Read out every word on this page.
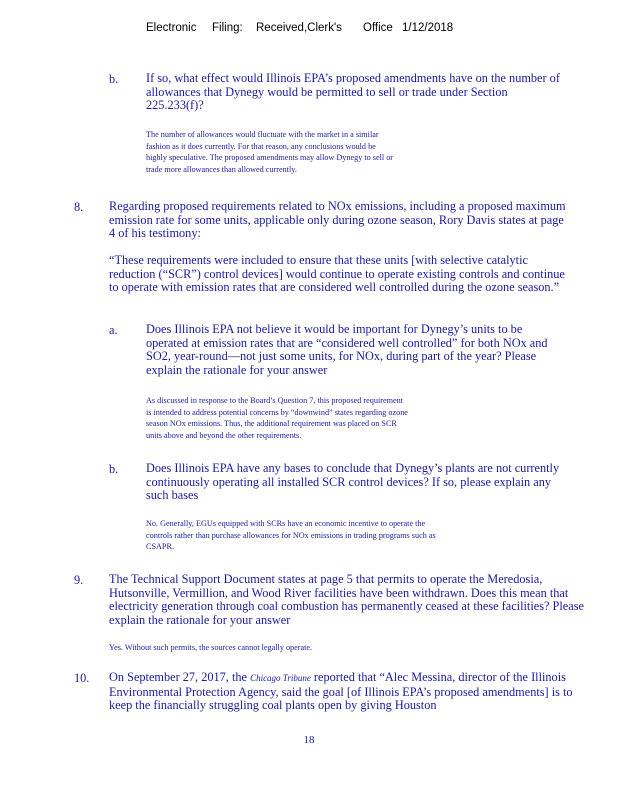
Electronic Filing: Received,Clerk's Office 1/12/2018
b. If so, what effect would Illinois EPA’s proposed amendments have on the number of allowances that Dynegy would be permitted to sell or trade under Section 225.233(f)?

The number of allowances would fluctuate with the market in a similar fashion as it does currently. For that reason, any conclusions would be highly speculative. The proposed amendments may allow Dynegy to sell or trade more allowances than allowed currently.

8. Regarding proposed requirements related to NOx emissions, including a proposed maximum emission rate for some units, applicable only during ozone season, Rory Davis states at page 4 of his testimony:

“These requirements were included to ensure that these units [with selective catalytic reduction (“SCR”) control devices] would continue to operate existing controls and continue to operate with emission rates that are considered well controlled during the ozone season.”

a. Does Illinois EPA not believe it would be important for Dynegy’s units to be operated at emission rates that are “considered well controlled” for both NOx and SO2, year-round—not just some units, for NOx, during part of the year? Please explain the rationale for your answer

As discussed in response to the Board’s Question 7, this proposed requirement is intended to address potential concerns by “downwind” states regarding ozone season NOx emissions. Thus, the additional requirement was placed on SCR units above and beyond the other requirements.

b. Does Illinois EPA have any bases to conclude that Dynegy’s plants are not currently continuously operating all installed SCR control devices? If so, please explain any such bases

No. Generally, EGUs equipped with SCRs have an economic incentive to operate the controls rather than purchase allowances for NOx emissions in trading programs such as CSAPR.

9. The Technical Support Document states at page 5 that permits to operate the Meredosia, Hutsonville, Vermillion, and Wood River facilities have been withdrawn. Does this mean that electricity generation through coal combustion has permanently ceased at these facilities? Please explain the rationale for your answer

Yes. Without such permits, the sources cannot legally operate.

10. On September 27, 2017, the Chicago Tribune reported that “Alec Messina, director of the Illinois Environmental Protection Agency, said the goal [of Illinois EPA’s proposed amendments] is to keep the financially struggling coal plants open by giving Houston

18
